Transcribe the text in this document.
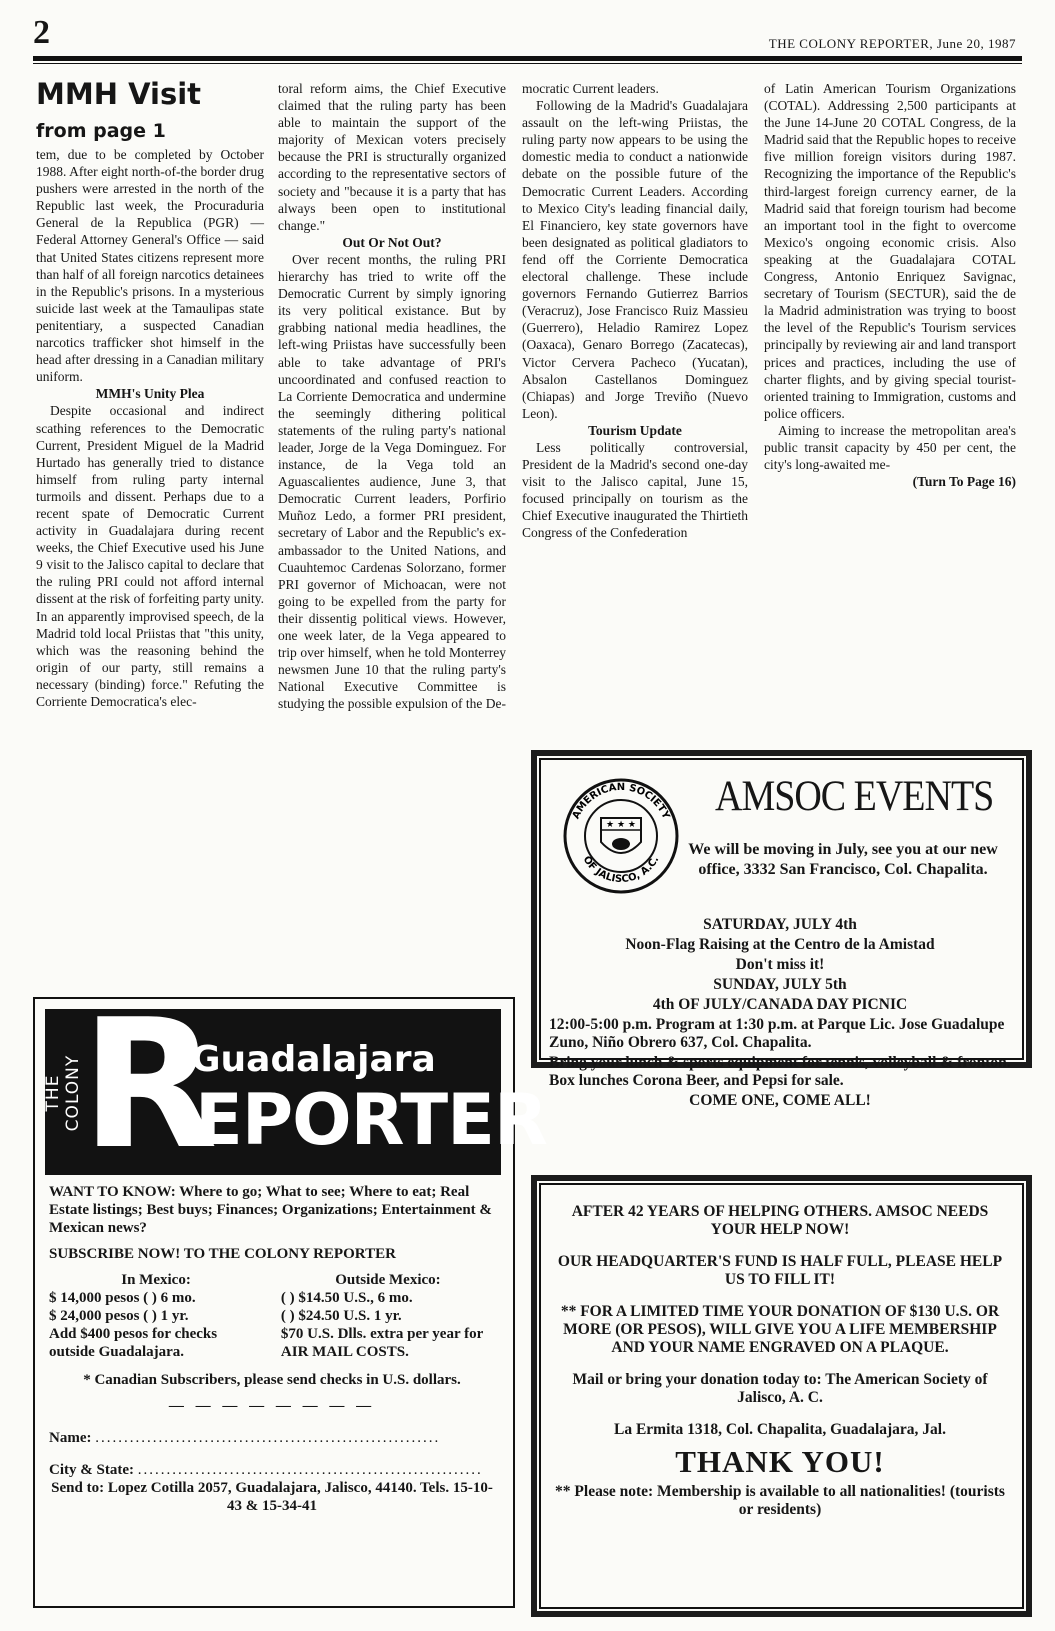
2	THE COLONY REPORTER, June 20, 1987
MMH Visit
from page 1

tem, due to be completed by October 1988. After eight north-of-the border drug pushers were arrested in the north of the Republic last week, the Procuraduria General de la Republica (PGR) — Federal Attorney General's Office — said that United States citizens represent more than half of all foreign narcotics detainees in the Republic's prisons. In a mysterious suicide last week at the Tamaulipas state penitentiary, a suspected Canadian narcotics trafficker shot himself in the head after dressing in a Canadian military uniform.

MMH's Unity Plea

Despite occasional and indirect scathing references to the Democratic Current, President Miguel de la Madrid Hurtado has generally tried to distance himself from ruling party internal turmoils and dissent. Perhaps due to a recent spate of Democratic Current activity in Guadalajara during recent weeks, the Chief Executive used his June 9 visit to the Jalisco capital to declare that the ruling PRI could not afford internal dissent at the risk of forfeiting party unity. In an apparently improvised speech, de la Madrid told local Priistas that "this unity, which was the reasoning behind the origin of our party, still remains a necessary (binding) force." Refuting the Corriente Democratica's elec-

toral reform aims, the Chief Executive claimed that the ruling party has been able to maintain the support of the majority of Mexican voters precisely because the PRI is structurally organized according to the representative sectors of society and "because it is a party that has always been open to institutional change."

Out Or Not Out?

Over recent months, the ruling PRI hierarchy has tried to write off the Democratic Current by simply ignoring its very political existance. But by grabbing national media headlines, the left-wing Priistas have successfully been able to take advantage of PRI's uncoordinated and confused reaction to La Corriente Democratica and undermine the seemingly dithering political statements of the ruling party's national leader, Jorge de la Vega Dominguez. For instance, de la Vega told an Aguascalientes audience, June 3, that Democratic Current leaders, Porfirio Muñoz Ledo, a former PRI president, secretary of Labor and the Republic's ex-ambassador to the United Nations, and Cuauhtemoc Cardenas Solorzano, former PRI governor of Michoacan, were not going to be expelled from the party for their dissentig political views. However, one week later, de la Vega appeared to trip over himself, when he told Monterrey newsmen June 10 that the ruling party's National Executive Committee is studying the possible expulsion of the De-

mocratic Current leaders.

Following de la Madrid's Guadalajara assault on the left-wing Priistas, the ruling party now appears to be using the domestic media to conduct a nationwide debate on the possible future of the Democratic Current Leaders. According to Mexico City's leading financial daily, El Financiero, key state governors have been designated as political gladiators to fend off the Corriente Democratica electoral challenge. These include governors Fernando Gutierrez Barrios (Veracruz), Jose Francisco Ruiz Massieu (Guerrero), Heladio Ramirez Lopez (Oaxaca), Genaro Borrego (Zacatecas), Victor Cervera Pacheco (Yucatan), Absalon Castellanos Dominguez (Chiapas) and Jorge Treviño (Nuevo Leon).

Tourism Update

Less politically controversial, President de la Madrid's second one-day visit to the Jalisco capital, June 15, focused principally on tourism as the Chief Executive inaugurated the Thirtieth Congress of the Confederation

of Latin American Tourism Organizations (COTAL). Addressing 2,500 participants at the June 14-June 20 COTAL Congress, de la Madrid said that the Republic hopes to receive five million foreign visitors during 1987. Recognizing the importance of the Republic's third-largest foreign currency earner, de la Madrid said that foreign tourism had become an important tool in the fight to overcome Mexico's ongoing economic crisis. Also speaking at the Guadalajara COTAL Congress, Antonio Enriquez Savignac, secretary of Tourism (SECTUR), said the de la Madrid administration was trying to boost the level of the Republic's Tourism services principally by reviewing air and land transport prices and practices, including the use of charter flights, and by giving special tourist-oriented training to Immigration, customs and police officers.

Aiming to increase the metropolitan area's public transit capacity by 450 per cent, the city's long-awaited me-

(Turn To Page 16)

THE COLONY
R
Guadalajara
EPORTER

WANT TO KNOW: Where to go; What to see; Where to eat; Real Estate listings; Best buys; Finances; Organizations; Entertainment & Mexican news?

SUBSCRIBE NOW! TO THE COLONY REPORTER

In Mexico:
$ 14,000 pesos ( ) 6 mo.
$ 24,000 pesos ( ) 1 yr.
Add $400 pesos for checks outside Guadalajara.
Outside Mexico:
( ) $14.50 U.S., 6 mo.
( ) $24.50 U.S. 1 yr.
$70 U.S. Dlls. extra per year for AIR MAIL COSTS.

* Canadian Subscribers, please send checks in U.S. dollars.

— — — — — — — —
Name: ............................................................
City & State: ............................................................
Send to: Lopez Cotilla 2057, Guadalajara, Jalisco, 44140. Tels. 15-10-43 & 15-34-41
★ ★ ★
AMERICAN SOCIETY
OF JALISCO, A.C.
AMSOC EVENTS
We will be moving in July, see you at our new office, 3332 San Francisco, Col. Chapalita.

SATURDAY, JULY 4th

Noon-Flag Raising at the Centro de la Amistad

Don't miss it!

SUNDAY, JULY 5th

4th OF JULY/CANADA DAY PICNIC

12:00-5:00 p.m. Program at 1:30 p.m. at Parque Lic. Jose Guadalupe Zuno, Niño Obrero 637, Col. Chapalita.

Bring your lunch & sports equipment for tennis, volleyball & fronton. Box lunches Corona Beer, and Pepsi for sale.

COME ONE, COME ALL!

AFTER 42 YEARS OF HELPING OTHERS. AMSOC NEEDS YOUR HELP NOW!

OUR HEADQUARTER'S FUND IS HALF FULL, PLEASE HELP US TO FILL IT!

** FOR A LIMITED TIME YOUR DONATION OF $130 U.S. OR MORE (OR PESOS), WILL GIVE YOU A LIFE MEMBERSHIP AND YOUR NAME ENGRAVED ON A PLAQUE.

Mail or bring your donation today to: The American Society of Jalisco, A. C.

La Ermita 1318, Col. Chapalita, Guadalajara, Jal.

THANK YOU!

** Please note: Membership is available to all nationalities! (tourists or residents)
